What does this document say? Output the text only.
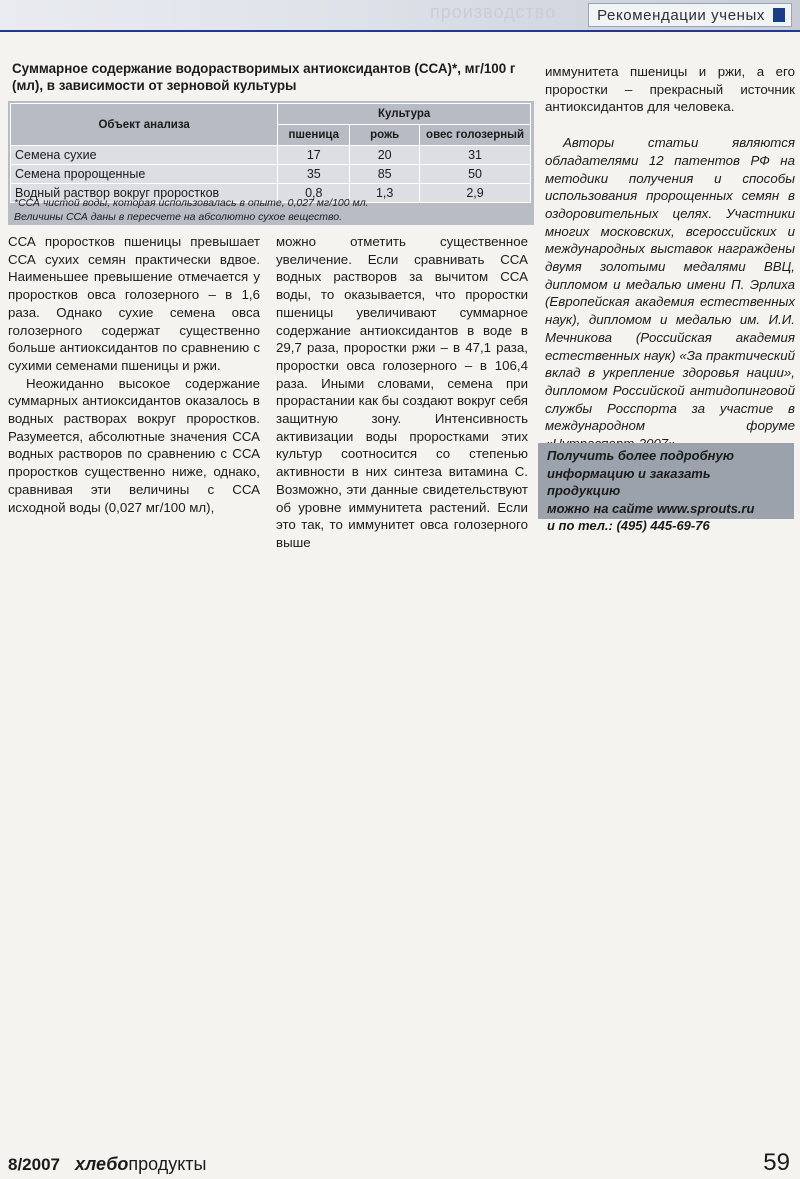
производство	Рекомендации ученых
Суммарное содержание водорастворимых антиоксидантов (ССА)*, мг/100 г (мл), в зависимости от зерновой культуры
Объект анализа	Культура		
	пшеница	рожь	овес голозерный
Семена сухие	17	20	31
Семена пророщенные	35	85	50
Водный раствор вокруг проростков	0,8	1,3	2,9
*ССА чистой воды, которая использовалась в опыте, 0,027 мг/100 мл.
Величины ССА даны в пересчете на абсолютно сухое вещество.

ССА проростков пшеницы превышает ССА сухих семян практически вдвое. Наименьшее превышение отмечается у проростков овса голозерного – в 1,6 раза. Однако сухие семена овса голозерного содержат существенно больше антиоксидантов по сравнению с сухими семенами пшеницы и ржи.

Неожиданно высокое содержание суммарных антиоксидантов оказалось в водных растворах вокруг проростков. Разумеется, абсолютные значения ССА водных растворов по сравнению с ССА проростков существенно ниже, однако, сравнивая эти величины с ССА исходной воды (0,027 мг/100 мл),

можно отметить существенное увеличение. Если сравнивать ССА водных растворов за вычитом ССА воды, то оказывается, что проростки пшеницы увеличивают суммарное содержание антиоксидантов в воде в 29,7 раза, проростки ржи – в 47,1 раза, проростки овса голозерного – в 106,4 раза. Иными словами, семена при прорастании как бы создают вокруг себя защитную зону. Интенсивность активизации воды проростками этих культур соотносится со степенью активности в них синтеза витамина С. Возможно, эти данные свидетельствуют об уровне иммунитета растений. Если это так, то иммунитет овса голозерного выше

иммунитета пшеницы и ржи, а его проростки – прекрасный источник антиоксидантов для человека.

Авторы статьи являются обладателями 12 патентов РФ на методики получения и способы использования пророщенных семян в оздоровительных целях. Участники многих московских, всероссийских и международных выставок награждены двумя золотыми медалями ВВЦ, дипломом и медалью имени П. Эрлиха (Европейская академия естественных наук), дипломом и медалью им. И.И. Мечникова (Российская академия естественных наук) «За практический вклад в укрепление здоровья нации», дипломом Российской антидопинговой службы Росспорта за участие в международном форуме

Получить более подробную
информацию и заказать продукцию
можно на сайте www.sprouts.ru
и по тел.: (495) 445-69-76
8/2007 хлебопродукты	59
